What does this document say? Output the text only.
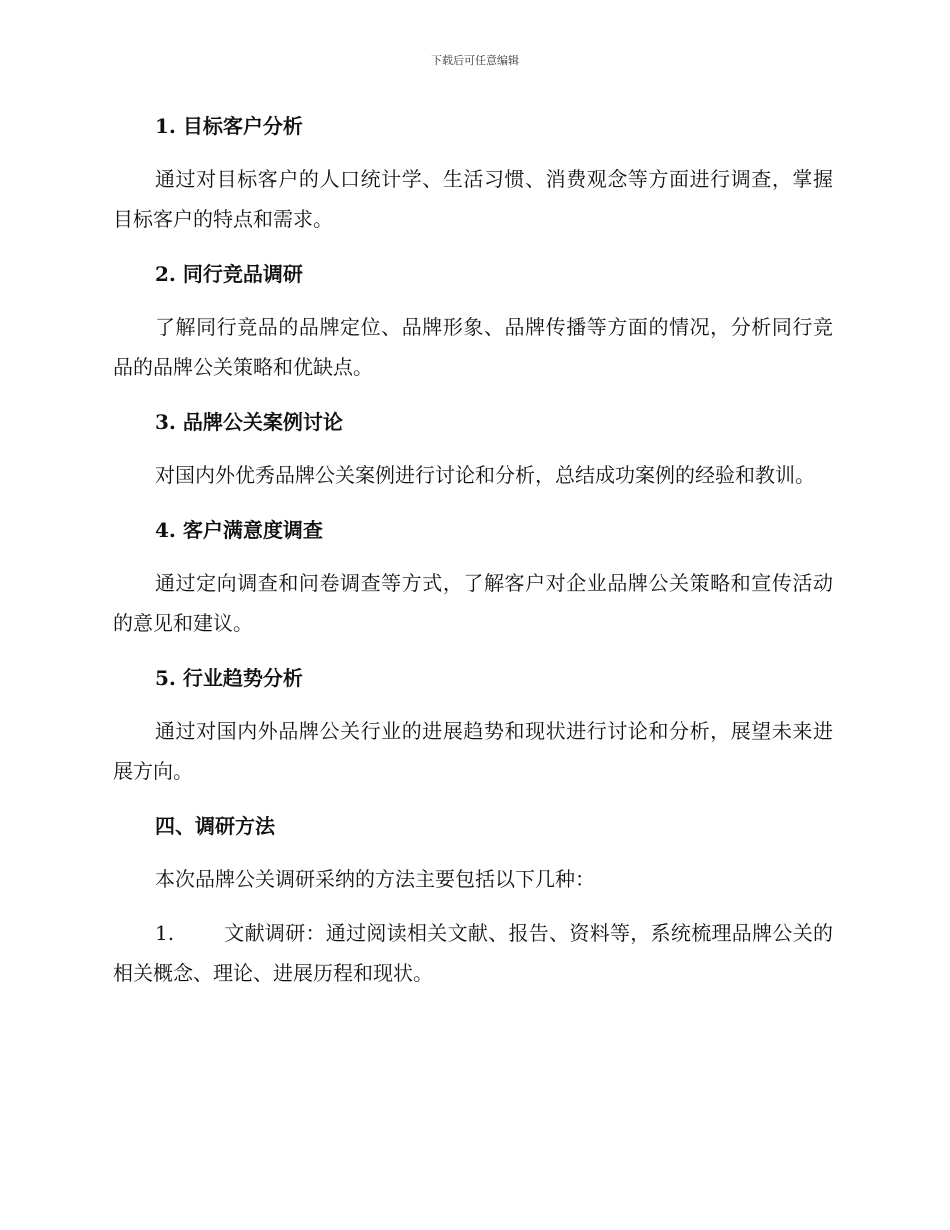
下载后可任意编辑
1. 目标客户分析
通过对目标客户的人口统计学、生活习惯、消费观念等方面进行调查，掌握目标客户的特点和需求。
2. 同行竞品调研
了解同行竞品的品牌定位、品牌形象、品牌传播等方面的情况，分析同行竞品的品牌公关策略和优缺点。
3. 品牌公关案例讨论
对国内外优秀品牌公关案例进行讨论和分析，总结成功案例的经验和教训。
4. 客户满意度调查
通过定向调查和问卷调查等方式，了解客户对企业品牌公关策略和宣传活动的意见和建议。
5. 行业趋势分析
通过对国内外品牌公关行业的进展趋势和现状进行讨论和分析，展望未来进展方向。
四、调研方法
本次品牌公关调研采纳的方法主要包括以下几种：
1. 文献调研：通过阅读相关文献、报告、资料等，系统梳理品牌公关的相关概念、理论、进展历程和现状。
